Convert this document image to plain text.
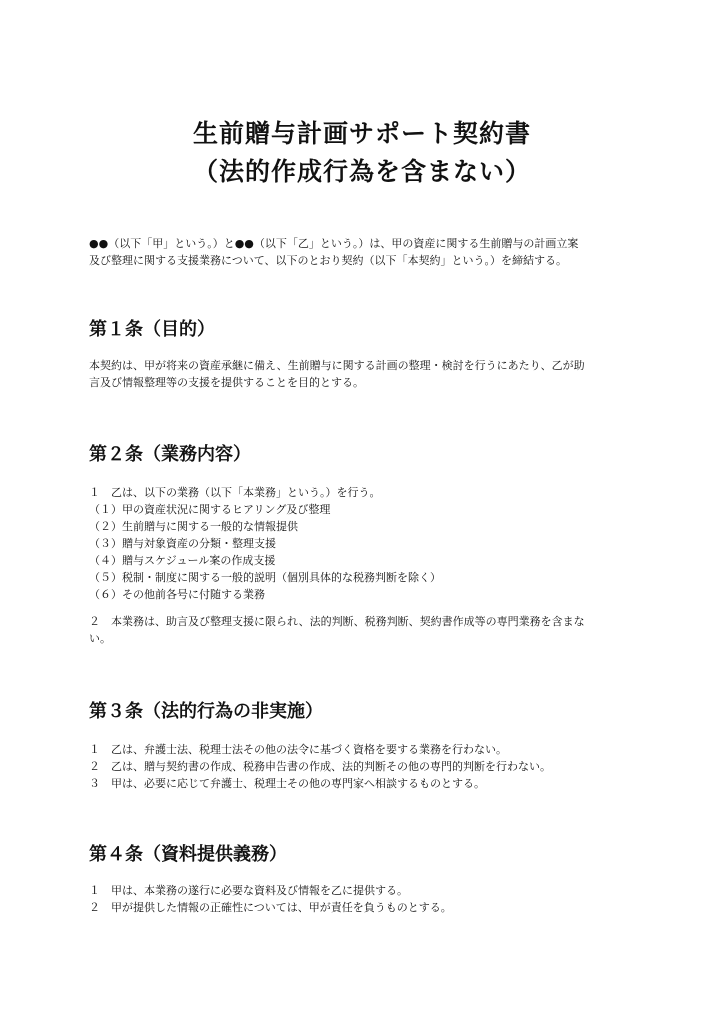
生前贈与計画サポート契約書
（法的作成行為を含まない）
●●（以下「甲」という。）と●●（以下「乙」という。）は、甲の資産に関する生前贈与の計画立案
及び整理に関する支援業務について、以下のとおり契約（以下「本契約」という。）を締結する。
第１条（目的）
本契約は、甲が将来の資産承継に備え、生前贈与に関する計画の整理・検討を行うにあたり、乙が助
言及び情報整理等の支援を提供することを目的とする。
第２条（業務内容）
１　乙は、以下の業務（以下「本業務」という。）を行う。
（１）甲の資産状況に関するヒアリング及び整理
（２）生前贈与に関する一般的な情報提供
（３）贈与対象資産の分類・整理支援
（４）贈与スケジュール案の作成支援
（５）税制・制度に関する一般的説明（個別具体的な税務判断を除く）
（６）その他前各号に付随する業務
２　本業務は、助言及び整理支援に限られ、法的判断、税務判断、契約書作成等の専門業務を含まな
い。
第３条（法的行為の非実施）
１　乙は、弁護士法、税理士法その他の法令に基づく資格を要する業務を行わない。
２　乙は、贈与契約書の作成、税務申告書の作成、法的判断その他の専門的判断を行わない。
３　甲は、必要に応じて弁護士、税理士その他の専門家へ相談するものとする。
第４条（資料提供義務）
１　甲は、本業務の遂行に必要な資料及び情報を乙に提供する。
２　甲が提供した情報の正確性については、甲が責任を負うものとする。
